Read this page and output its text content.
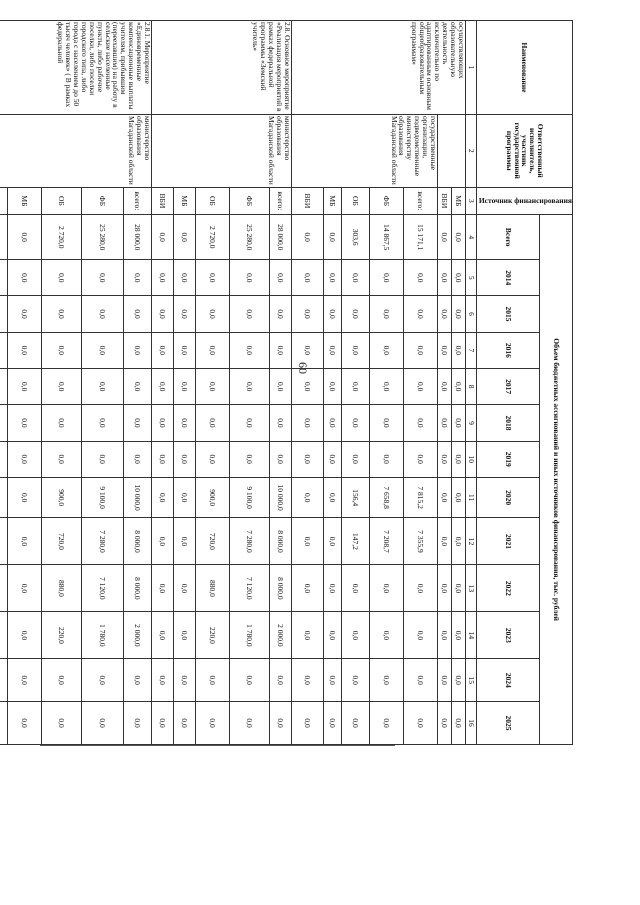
60
Наименование	Ответственный исполнитель, участник государственной программы	Источник финансирования	Объем бюджетных ассигнований и иных источников финансирования, тыс. рублей												
			Всего	2014	2015	2016	2017	2018	2019	2020	2021	2022	2023	2024	2025
1	2	3	4	5	6	7	8	9	10	11	12	13	14	15	16
осуществляющих образовательную деятельность исключительно по адаптированным основным общеобразовательным программам»		МБ	0,0	0,0	0,0	0,0	0,0	0,0	0,0	0,0	0,0	0,0	0,0	0,0	0,0
		ВБИ	0,0	0,0	0,0	0,0	0,0	0,0	0,0	0,0	0,0	0,0	0,0	0,0	0,0
	государственные организации, подведомственные министерству образования Магаданской области	всего:	15 171,1	0,0	0,0	0,0	0,0	0,0	0,0	7 815,2	7 355,9	0,0	0,0	0,0	0,0
		ФБ	14 867,5	0,0	0,0	0,0	0,0	0,0	0,0	7 658,8	7 208,7	0,0	0,0	0,0	0,0
		ОБ	303,6	0,0	0,0	0,0	0,0	0,0	0,0	156,4	147,2	0,0	0,0	0,0	0,0
		МБ	0,0	0,0	0,0	0,0	0,0	0,0	0,0	0,0	0,0	0,0	0,0	0,0	0,0
		ВБИ	0,0	0,0	0,0	0,0	0,0	0,0	0,0	0,0	0,0	0,0	0,0	0,0	0,0
2.8. Основное мероприятие «Реализация мероприятий в рамках федеральной программы «Земский учитель»	министерство образования Магаданской области	всего:	28 000,0	0,0	0,0	0,0	0,0	0,0	0,0	10 000,0	8 000,0	8 000,0	2 000,0	0,0	0,0
		ФБ	25 280,0	0,0	0,0	0,0	0,0	0,0	0,0	9 100,0	7 280,0	7 120,0	1 780,0	0,0	0,0
		ОБ	2 720,0	0,0	0,0	0,0	0,0	0,0	0,0	900,0	720,0	880,0	220,0	0,0	0,0
		МБ	0,0	0,0	0,0	0,0	0,0	0,0	0,0	0,0	0,0	0,0	0,0	0,0	0,0
		ВБИ	0,0	0,0	0,0	0,0	0,0	0,0	0,0	0,0	0,0	0,0	0,0	0,0	0,0
2.8.1. Мероприятие «Единовременные компенсационные выплаты учителям, прибывшим (переехавшим) на работу в сельские населенные пункты, либо рабочие поселки, либо поселки городского типа, либо города с населением до 50 тысяч человек» ( В рамках федеральной	министерство образования Магаданской области	всего:	28 000,0	0,0	0,0	0,0	0,0	0,0	0,0	10 000,0	8 000,0	8 000,0	2 000,0	0,0	0,0
		ФБ	25 280,0	0,0	0,0	0,0	0,0	0,0	0,0	9 100,0	7 280,0	7 120,0	1 780,0	0,0	0,0
		ОБ	2 720,0	0,0	0,0	0,0	0,0	0,0	0,0	900,0	720,0	880,0	220,0	0,0	0,0
		МБ	0,0	0,0	0,0	0,0	0,0	0,0	0,0	0,0	0,0	0,0	0,0	0,0	0,0
